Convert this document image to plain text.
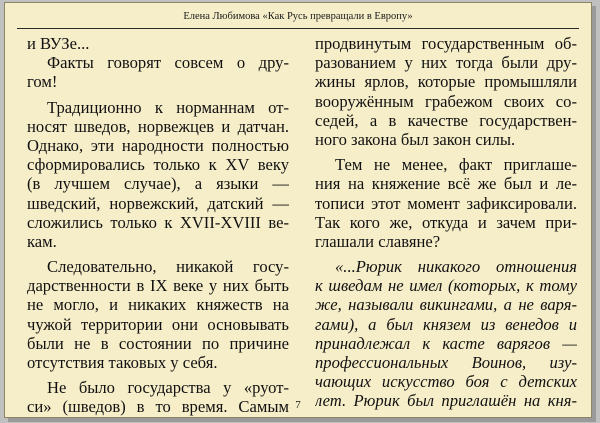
Елена Любимова «Как Русь превращали в Европу»
и ВУЗе...
Факты говорят совсем о дру-
гом!
Традиционно к норманнам от-
носят шведов, норвежцев и датчан.
Однако, эти народности полностью
сформировались только к XV веку
(в лучшем случае), а языки —
шведский, норвежский, датский —
сложились только к XVII-XVIII ве-
кам.
Следовательно, никакой госу-
дарственности в IX веке у них быть
не могло, и никаких княжеств на
чужой территории они основывать
были не в состоянии по причине
отсутствия таковых у себя.
Не было государства у «руот-
си» (шведов) в то время. Самым
продвинутым государственным об-
разованием у них тогда были дру-
жины ярлов, которые промышляли
вооружённым грабежом своих со-
седей, а в качестве государствен-
ного закона был закон силы.
Тем не менее, факт приглаше-
ния на княжение всё же был и ле-
тописи этот момент зафиксировали.
Так кого же, откуда и зачем при-
глашали славяне?
«...Рюрик никакого отношения
к шведам не имел (которых, к тому
же, называли викингами, а не варя-
гами), а был князем из венедов и
принадлежал к касте варягов —
профессиональных Воинов, изу-
чающих искусство боя с детских
лет. Рюрик был приглашён на кня-
7
